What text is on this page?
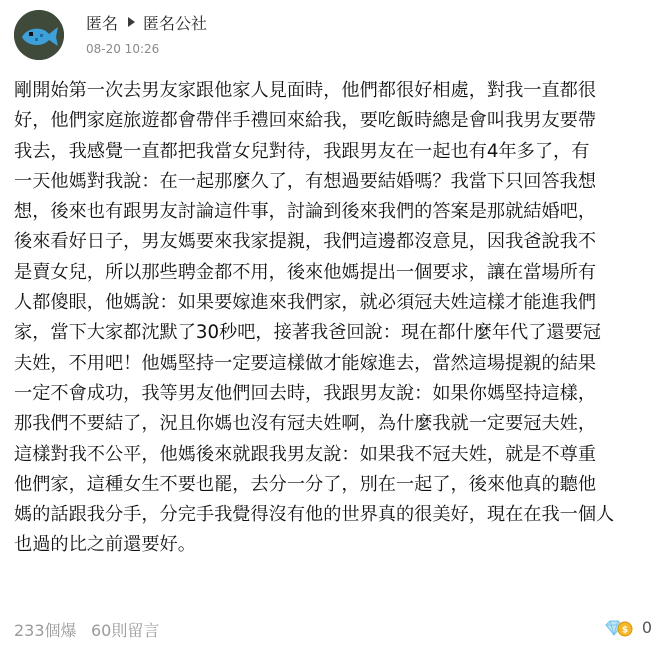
匿名 匿名公社
08-20 10:26
剛開始第一次去男友家跟他家人見面時，他們都很好相處，對我一直都很
好，他們家庭旅遊都會帶伴手禮回來給我，要吃飯時總是會叫我男友要帶
我去，我感覺一直都把我當女兒對待，我跟男友在一起也有4年多了，有
一天他媽對我說：在一起那麼久了，有想過要結婚嗎？我當下只回答我想
想，後來也有跟男友討論這件事，討論到後來我們的答案是那就結婚吧，
後來看好日子，男友媽要來我家提親，我們這邊都沒意見，因我爸說我不
是賣女兒，所以那些聘金都不用，後來他媽提出一個要求，讓在當場所有
人都傻眼，他媽說：如果要嫁進來我們家，就必須冠夫姓這樣才能進我們
家，當下大家都沈默了30秒吧，接著我爸回說：現在都什麼年代了還要冠
夫姓，不用吧！他媽堅持一定要這樣做才能嫁進去，當然這場提親的結果
一定不會成功，我等男友他們回去時，我跟男友說：如果你媽堅持這樣，
那我們不要結了，況且你媽也沒有冠夫姓啊，為什麼我就一定要冠夫姓，
這樣對我不公平，他媽後來就跟我男友說：如果我不冠夫姓，就是不尊重
他們家，這種女生不要也罷，去分一分了，別在一起了，後來他真的聽他
媽的話跟我分手，分完手我覺得沒有他的世界真的很美好，現在在我一個人
也過的比之前還要好。
233個爆 60則留言	$ 0
